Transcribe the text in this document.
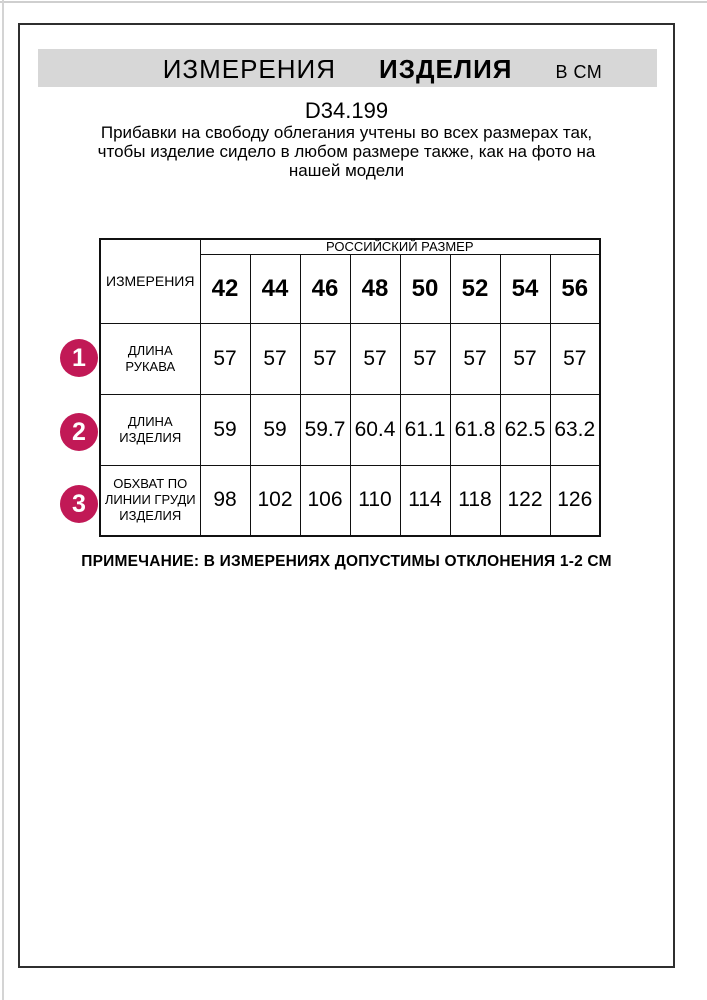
ИЗМЕРЕНИЯ ИЗДЕЛИЯ В СМ
D34.199
Прибавки на свободу облегания учтены во всех размерах так, чтобы изделие сидело в любом размере также, как на фото на нашей модели
ИЗМЕРЕНИЯ	РОССИЙСКИЙ РАЗМЕР							
	42	44	46	48	50	52	54	56
ДЛИНА РУКАВА	57	57	57	57	57	57	57	57
ДЛИНА ИЗДЕЛИЯ	59	59	59.7	60.4	61.1	61.8	62.5	63.2
ОБХВАТ ПО ЛИНИИ ГРУДИ ИЗДЕЛИЯ	98	102	106	110	114	118	122	126
1
2
3
ПРИМЕЧАНИЕ: В ИЗМЕРЕНИЯХ ДОПУСТИМЫ ОТКЛОНЕНИЯ 1-2 СМ
